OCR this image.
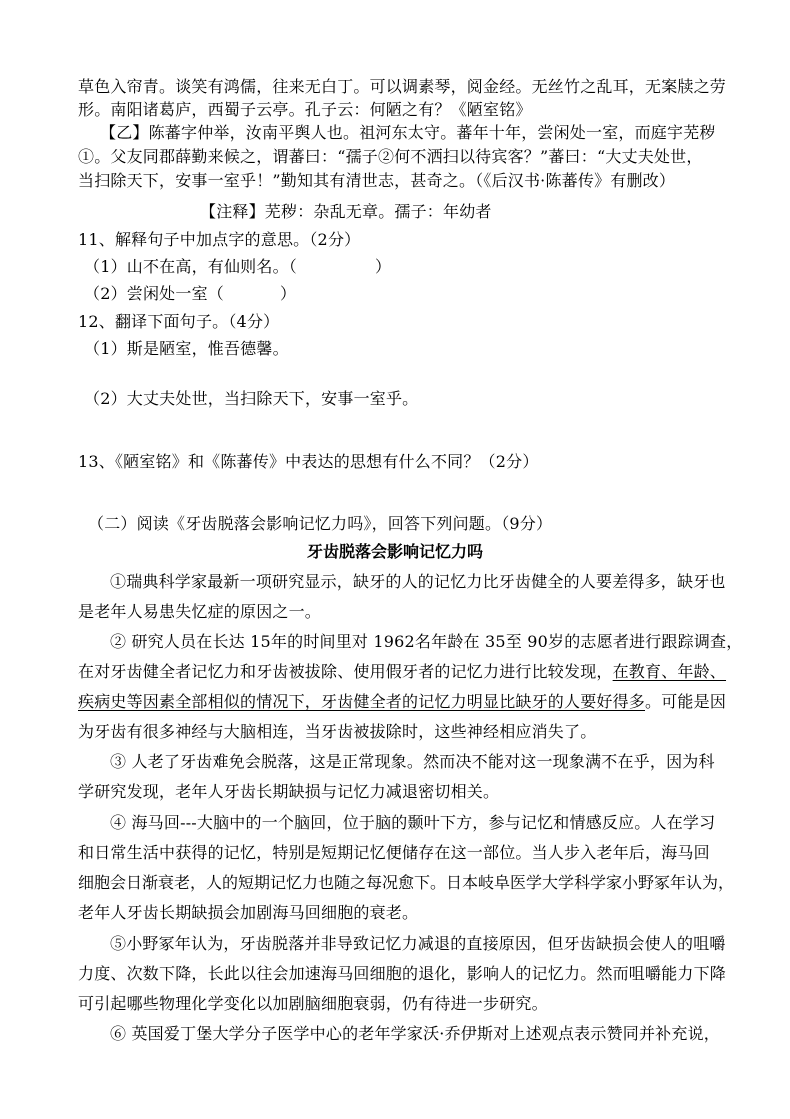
草色入帘青。谈笑有鸿儒，往来无白丁。可以调素琴，阅金经。无丝竹之乱耳，无案牍之劳
形。南阳诸葛庐，西蜀子云亭。孔子云：何陋之有？《陋室铭》
【乙】陈蕃字仲举，汝南平舆人也。祖河东太守。蕃年十年，尝闲处一室，而庭宇芜秽
①。父友同郡薛勤来候之，谓蕃曰：“孺子②何不洒扫以待宾客？”蕃曰：“大丈夫处世，
当扫除天下，安事一室乎！”勤知其有清世志，甚奇之。（《后汉书·陈蕃传》有删改）
【注释】芜秽：杂乱无章。孺子：年幼者
11、解释句子中加点字的意思。（2分）
（1）山不在高，有仙则名。（	）
（2）尝闲处一室（	）
12、翻译下面句子。（4分）
（1）斯是陋室，惟吾德馨。
（2）大丈夫处世，当扫除天下，安事一室乎。
13、《陋室铭》和《陈蕃传》中表达的思想有什么不同？（2分）
（二）阅读《牙齿脱落会影响记忆力吗》，回答下列问题。（9分）
牙齿脱落会影响记忆力吗
①瑞典科学家最新一项研究显示，缺牙的人的记忆力比牙齿健全的人要差得多，缺牙也
是老年人易患失忆症的原因之一。
② 研究人员在长达 15年的时间里对 1962名年龄在 35至 90岁的志愿者进行跟踪调查，
在对牙齿健全者记忆力和牙齿被拔除、使用假牙者的记忆力进行比较发现，在教育、年龄、
疾病史等因素全部相似的情况下，牙齿健全者的记忆力明显比缺牙的人要好得多。可能是因
为牙齿有很多神经与大脑相连，当牙齿被拔除时，这些神经相应消失了。
③ 人老了牙齿难免会脱落，这是正常现象。然而决不能对这一现象满不在乎，因为科
学研究发现，老年人牙齿长期缺损与记忆力减退密切相关。
④ 海马回---大脑中的一个脑回，位于脑的颞叶下方，参与记忆和情感反应。人在学习
和日常生活中获得的记忆，特别是短期记忆便储存在这一部位。当人步入老年后，海马回
细胞会日渐衰老，人的短期记忆力也随之每况愈下。日本岐阜医学大学科学家小野冢年认为，
老年人牙齿长期缺损会加剧海马回细胞的衰老。
⑤小野冢年认为，牙齿脱落并非导致记忆力减退的直接原因，但牙齿缺损会使人的咀嚼
力度、次数下降，长此以往会加速海马回细胞的退化，影响人的记忆力。然而咀嚼能力下降
可引起哪些物理化学变化以加剧脑细胞衰弱，仍有待进一步研究。
⑥ 英国爱丁堡大学分子医学中心的老年学家沃·乔伊斯对上述观点表示赞同并补充说，
